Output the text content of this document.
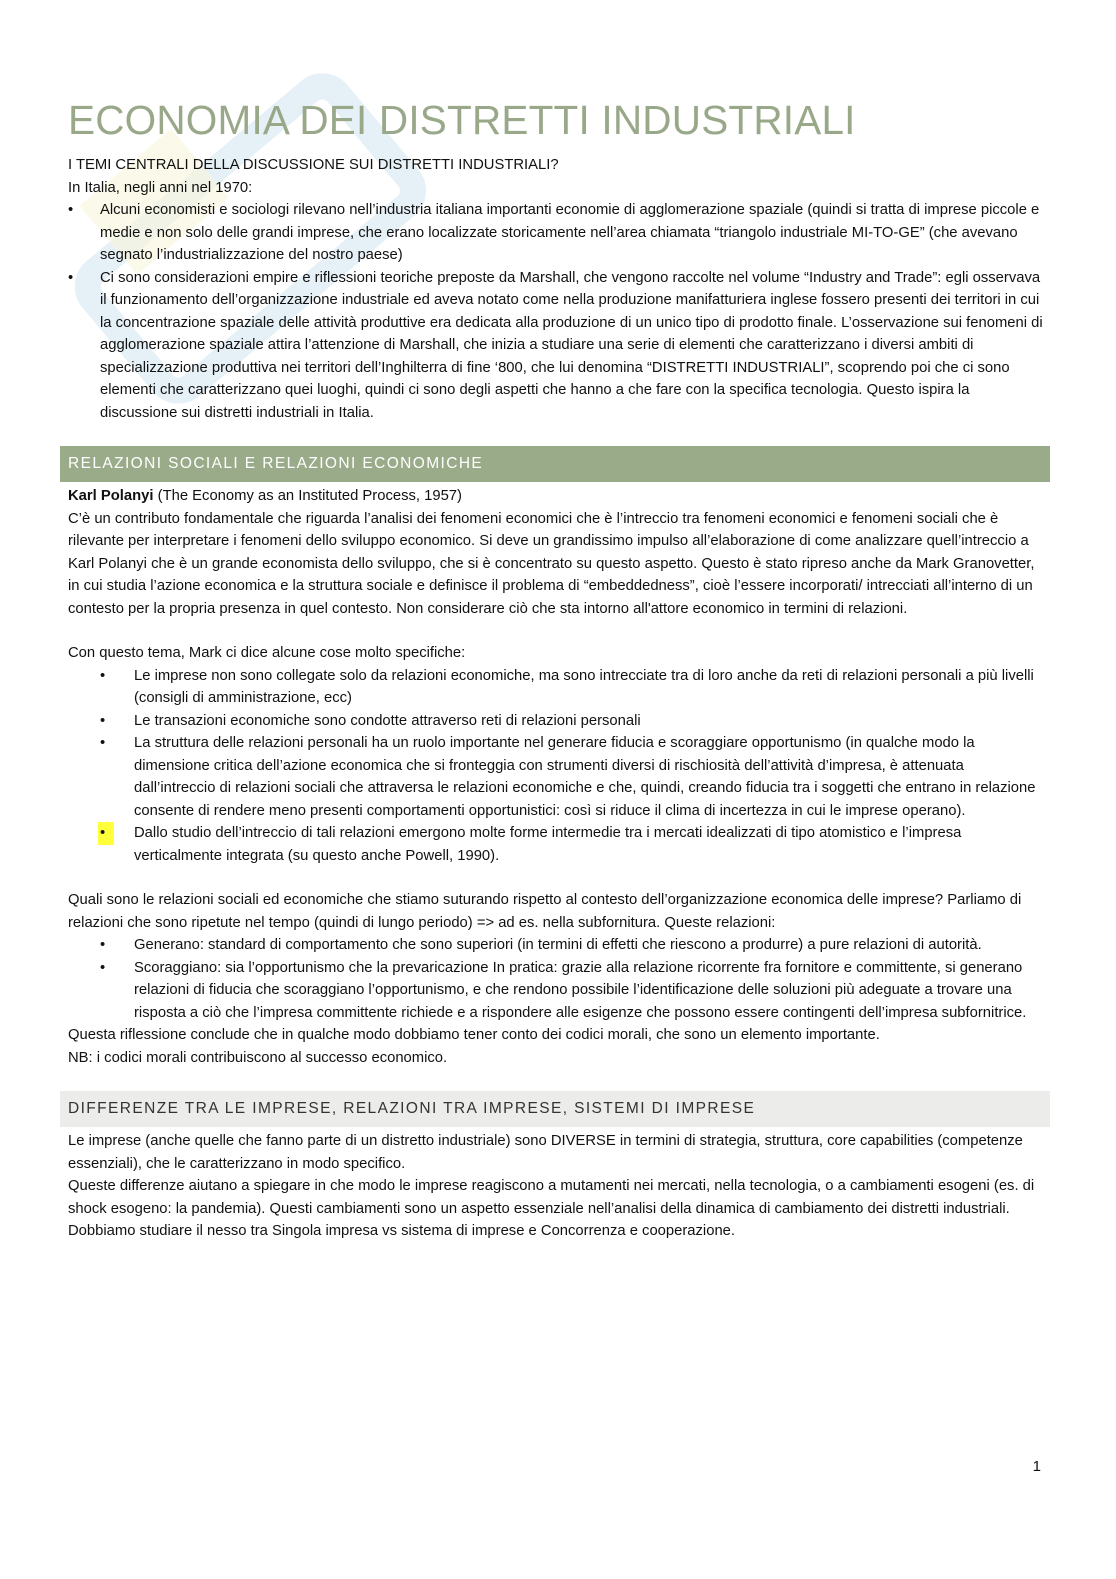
ECONOMIA DEI DISTRETTI INDUSTRIALI

I TEMI CENTRALI DELLA DISCUSSIONE SUI DISTRETTI INDUSTRIALI?

In Italia, negli anni nel 1970:

•	Alcuni economisti e sociologi rilevano nell’industria italiana importanti economie di agglomerazione spaziale (quindi si tratta di imprese piccole e medie e non solo delle grandi imprese, che erano localizzate storicamente nell’area chiamata “triangolo industriale MI-TO-GE” (che avevano segnato l’industrializzazione del nostro paese)
•	Ci sono considerazioni empire e riflessioni teoriche preposte da Marshall, che vengono raccolte nel volume “Industry and Trade”: egli osservava il funzionamento dell’organizzazione industriale ed aveva notato come nella produzione manifatturiera inglese fossero presenti dei territori in cui la concentrazione spaziale delle attività produttive era dedicata alla produzione di un unico tipo di prodotto finale. L’osservazione sui fenomeni di agglomerazione spaziale attira l’attenzione di Marshall, che inizia a studiare una serie di elementi che caratterizzano i diversi ambiti di specializzazione produttiva nei territori dell’Inghilterra di fine ‘800, che lui denomina “DISTRETTI INDUSTRIALI”, scoprendo poi che ci sono elementi che caratterizzano quei luoghi, quindi ci sono degli aspetti che hanno a che fare con la specifica tecnologia. Questo ispira la discussione sui distretti industriali in Italia.
RELAZIONI SOCIALI E RELAZIONI ECONOMICHE

Karl Polanyi (The Economy as an Instituted Process, 1957)

C’è un contributo fondamentale che riguarda l’analisi dei fenomeni economici che è l’intreccio tra fenomeni economici e fenomeni sociali che è rilevante per interpretare i fenomeni dello sviluppo economico. Si deve un grandissimo impulso all’elaborazione di come analizzare quell’intreccio a Karl Polanyi che è un grande economista dello sviluppo, che si è concentrato su questo aspetto. Questo è stato ripreso anche da Mark Granovetter, in cui studia l’azione economica e la struttura sociale e definisce il problema di “embeddedness”, cioè l’essere incorporati/ intrecciati all’interno di un contesto per la propria presenza in quel contesto. Non considerare ciò che sta intorno all'attore economico in termini di relazioni.

Con questo tema, Mark ci dice alcune cose molto specifiche:

•	Le imprese non sono collegate solo da relazioni economiche, ma sono intrecciate tra di loro anche da reti di relazioni personali a più livelli (consigli di amministrazione, ecc)
•	Le transazioni economiche sono condotte attraverso reti di relazioni personali
•	La struttura delle relazioni personali ha un ruolo importante nel generare fiducia e scoraggiare opportunismo (in qualche modo la dimensione critica dell’azione economica che si fronteggia con strumenti diversi di rischiosità dell’attività d’impresa, è attenuata dall’intreccio di relazioni sociali che attraversa le relazioni economiche e che, quindi, creando fiducia tra i soggetti che entrano in relazione consente di rendere meno presenti comportamenti opportunistici: così si riduce il clima di incertezza in cui le imprese operano).
•	Dallo studio dell’intreccio di tali relazioni emergono molte forme intermedie tra i mercati idealizzati di tipo atomistico e l’impresa verticalmente integrata (su questo anche Powell, 1990).

Quali sono le relazioni sociali ed economiche che stiamo suturando rispetto al contesto dell’organizzazione economica delle imprese? Parliamo di relazioni che sono ripetute nel tempo (quindi di lungo periodo) => ad es. nella subfornitura. Queste relazioni:

•	Generano: standard di comportamento che sono superiori (in termini di effetti che riescono a produrre) a pure relazioni di autorità.
•	Scoraggiano: sia l’opportunismo che la prevaricazione In pratica: grazie alla relazione ricorrente fra fornitore e committente, si generano relazioni di fiducia che scoraggiano l’opportunismo, e che rendono possibile l’identificazione delle soluzioni più adeguate a trovare una risposta a ciò che l’impresa committente richiede e a rispondere alle esigenze che possono essere contingenti dell’impresa subfornitrice.

Questa riflessione conclude che in qualche modo dobbiamo tener conto dei codici morali, che sono un elemento importante.

NB: i codici morali contribuiscono al successo economico.

DIFFERENZE TRA LE IMPRESE, RELAZIONI TRA IMPRESE, SISTEMI DI IMPRESE

Le imprese (anche quelle che fanno parte di un distretto industriale) sono DIVERSE in termini di strategia, struttura, core capabilities (competenze essenziali), che le caratterizzano in modo specifico.

Queste differenze aiutano a spiegare in che modo le imprese reagiscono a mutamenti nei mercati, nella tecnologia, o a cambiamenti esogeni (es. di shock esogeno: la pandemia). Questi cambiamenti sono un aspetto essenziale nell’analisi della dinamica di cambiamento dei distretti industriali.

Dobbiamo studiare il nesso tra Singola impresa vs sistema di imprese e Concorrenza e cooperazione.

1
